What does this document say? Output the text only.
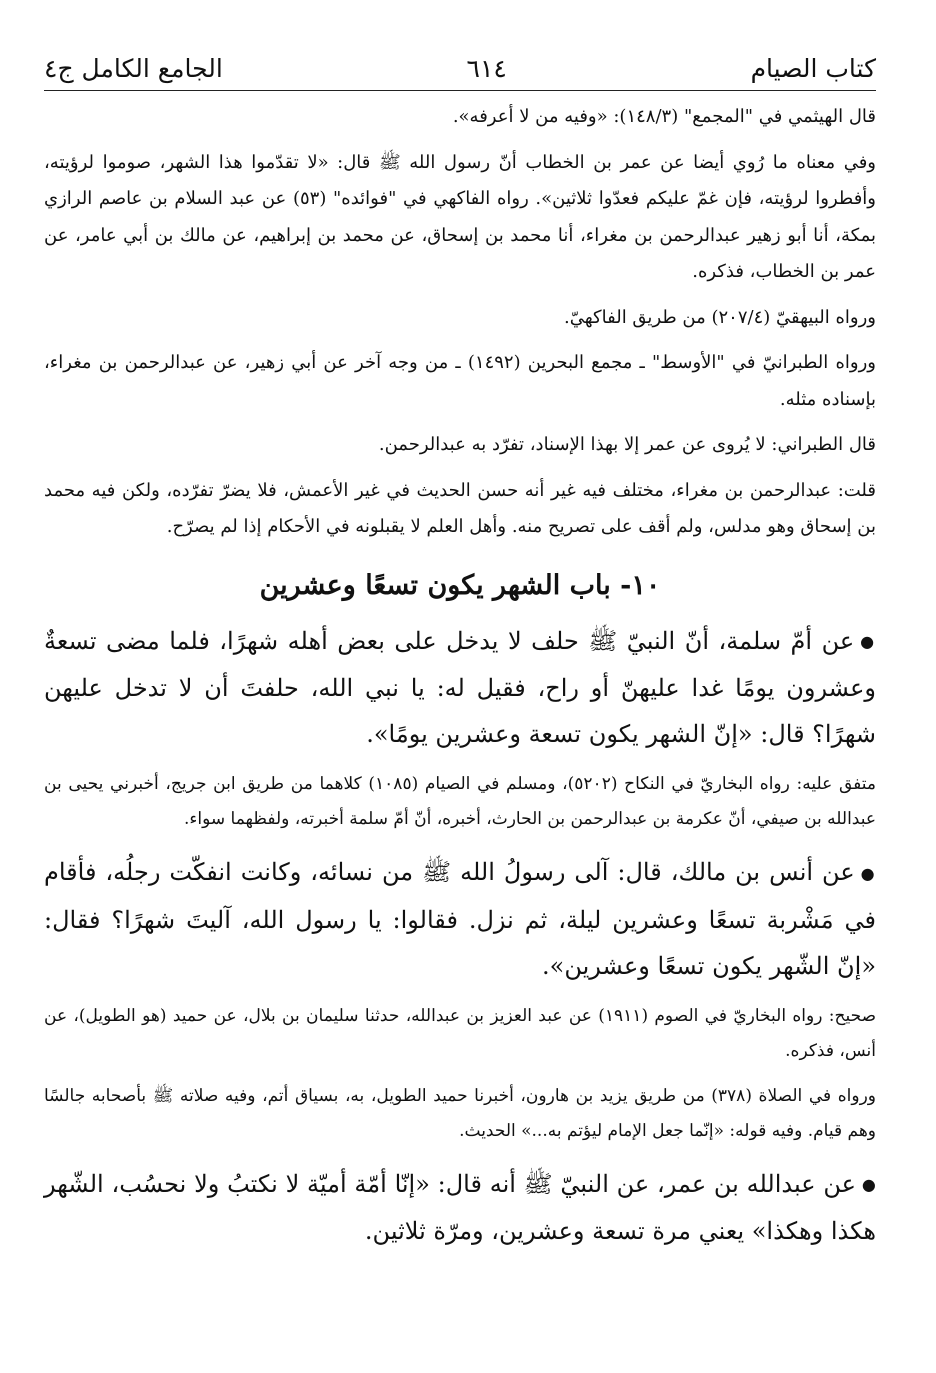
كتاب الصيام
٦١٤
الجامع الكامل ج٤

قال الهيثمي في "المجمع" (١٤٨/٣): «وفيه من لا أعرفه».

وفي معناه ما رُوي أيضا عن عمر بن الخطاب أنّ رسول الله ﷺ قال: «لا تقدّموا هذا الشهر، صوموا لرؤيته، وأفطروا لرؤيته، فإن غمّ عليكم فعدّوا ثلاثين». رواه الفاكهي في "فوائده" (٥٣) عن عبد السلام بن عاصم الرازي بمكة، أنا أبو زهير عبدالرحمن بن مغراء، أنا محمد بن إسحاق، عن محمد بن إبراهيم، عن مالك بن أبي عامر، عن عمر بن الخطاب، فذكره.

ورواه البيهقيّ (٢٠٧/٤) من طريق الفاكهيّ.

ورواه الطبرانيّ في "الأوسط" ـ مجمع البحرين (١٤٩٢) ـ من وجه آخر عن أبي زهير، عن عبدالرحمن بن مغراء، بإسناده مثله.

قال الطبراني: لا يُروى عن عمر إلا بهذا الإسناد، تفرّد به عبدالرحمن.

قلت: عبدالرحمن بن مغراء، مختلف فيه غير أنه حسن الحديث في غير الأعمش، فلا يضرّ تفرّده، ولكن فيه محمد بن إسحاق وهو مدلس، ولم أقف على تصريح منه. وأهل العلم لا يقبلونه في الأحكام إذا لم يصرّح.

١٠- باب الشهر يكون تسعًا وعشرين

●عن أمّ سلمة، أنّ النبيّ ﷺ حلف لا يدخل على بعض أهله شهرًا، فلما مضى تسعةٌ وعشرون يومًا غدا عليهنّ أو راح، فقيل له: يا نبي الله، حلفتَ أن لا تدخل عليهن شهرًا؟ قال: «إنّ الشهر يكون تسعة وعشرين يومًا».

متفق عليه: رواه البخاريّ في النكاح (٥٢٠٢)، ومسلم في الصيام (١٠٨٥) كلاهما من طريق ابن جريج، أخبرني يحيى بن عبدالله بن صيفي، أنّ عكرمة بن عبدالرحمن بن الحارث، أخبره، أنّ أمّ سلمة أخبرته، ولفظهما سواء.

●عن أنس بن مالك، قال: آلى رسولُ الله ﷺ من نسائه، وكانت انفكّت رجلُه، فأقام في مَشْربة تسعًا وعشرين ليلة، ثم نزل. فقالوا: يا رسول الله، آليتَ شهرًا؟ فقال: «إنّ الشّهر يكون تسعًا وعشرين».

صحيح: رواه البخاريّ في الصوم (١٩١١) عن عبد العزيز بن عبدالله، حدثنا سليمان بن بلال، عن حميد (هو الطويل)، عن أنس، فذكره.

ورواه في الصلاة (٣٧٨) من طريق يزيد بن هارون، أخبرنا حميد الطويل، به، بسياق أتم، وفيه صلاته ﷺ بأصحابه جالسًا وهم قيام. وفيه قوله: «إنّما جعل الإمام ليؤتم به...» الحديث.

●عن عبدالله بن عمر، عن النبيّ ﷺ أنه قال: «إنّا أمّة أميّة لا نكتبُ ولا نحسُب، الشّهر هكذا وهكذا» يعني مرة تسعة وعشرين، ومرّة ثلاثين.
